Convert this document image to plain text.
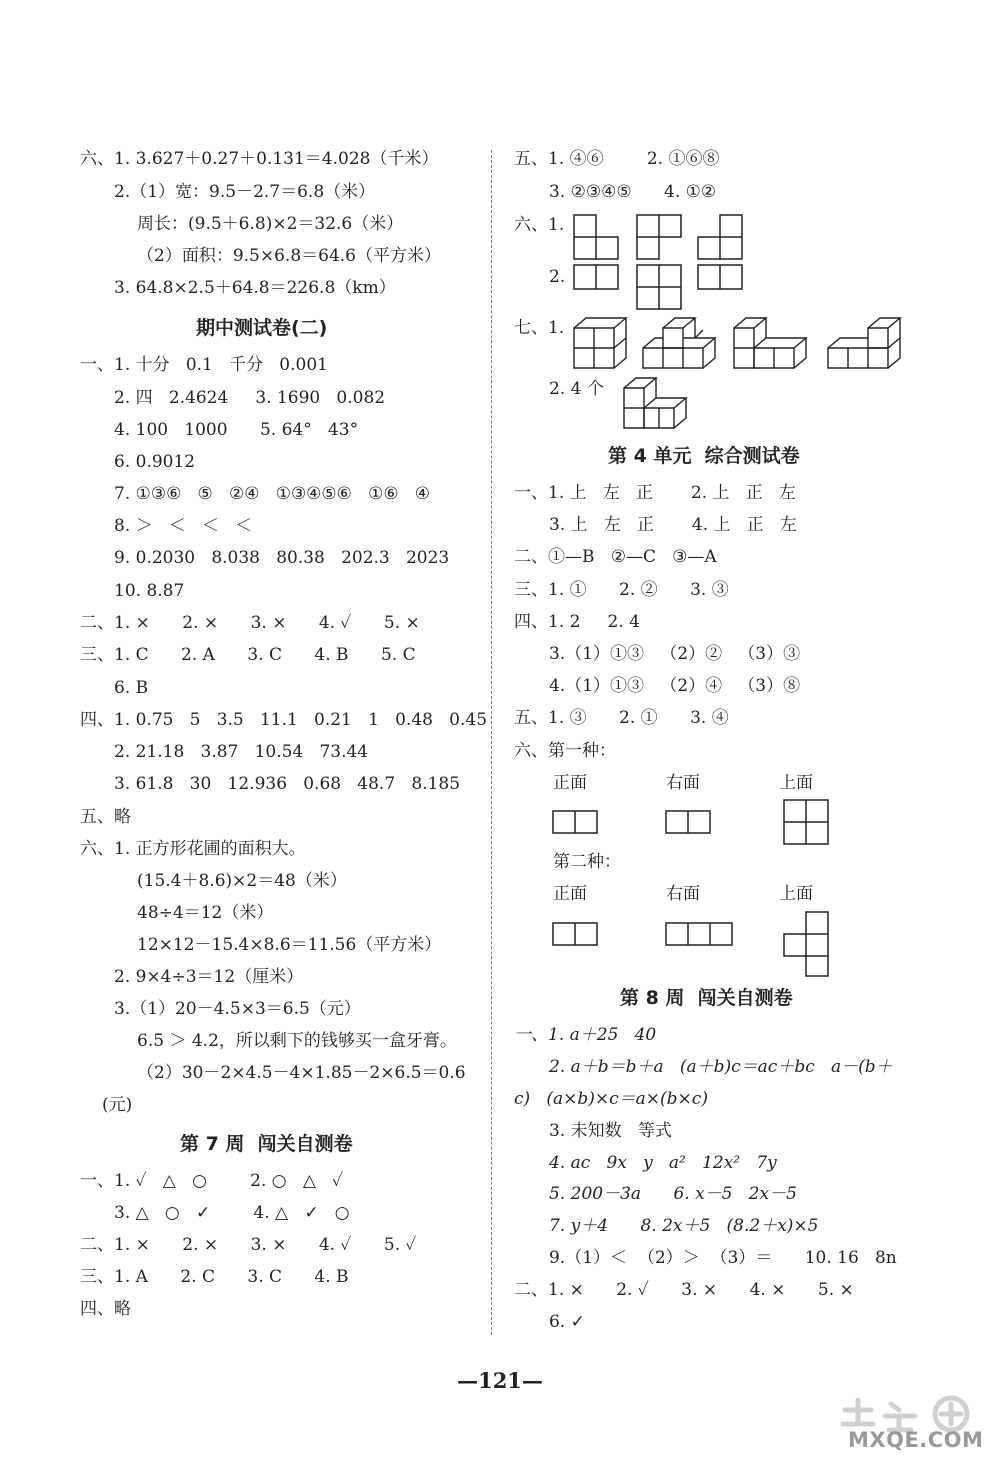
六、1. 3.627＋0.27＋0.131＝4.028（千米）
2.（1）宽：9.5－2.7＝6.8（米）
周长：(9.5＋6.8)×2＝32.6（米）
（2）面积：9.5×6.8＝64.6（平方米）
3. 64.8×2.5＋64.8＝226.8（km）
期中测试卷(二)
一、1. 十分   0.1   千分   0.001
2. 四   2.4624     3. 1690   0.082
4. 100   1000      5. 64°   43°
6. 0.9012
7. ①③⑥   ⑤   ②④   ①③④⑤⑥   ①⑥   ④
8. ＞   ＜   ＜   ＜
9. 0.2030   8.038   80.38   202.3   2023
10. 8.87
二、1. ×      2. ×      3. ×      4. ✓      5. ×
三、1. C      2. A      3. C      4. B      5. C
6. B
四、1. 0.75   5   3.5   11.1   0.21   1   0.48   0.45
2. 21.18   3.87   10.54   73.44
3. 61.8   30   12.936   0.68   48.7   8.185
五、略
六、1. 正方形花圃的面积大。
(15.4＋8.6)×2＝48（米）
48÷4＝12（米）
12×12－15.4×8.6＝11.56（平方米）
2. 9×4÷3＝12（厘米）
3.（1）20－4.5×3＝6.5（元）
6.5 ＞ 4.2，所以剩下的钱够买一盒牙膏。
（2）30－2×4.5－4×1.85－2×6.5＝0.6
(元)
第 7 周  闯关自测卷
一、1. ✓   △   ○        2. ○   △   ✓
3. △   ○   ✓        4. △   ✓   ○
二、1. ×      2. ×      3. ×      4. ✓      5. ✓
三、1. A      2. C      3. C      4. B
四、略
五、1. ④⑥        2. ①⑥⑧
3. ②③④⑤      4. ①②
六、1.
2.
七、1.
2. 4 个
第 4 单元  综合测试卷
一、1. 上   左   正       2. 上   正   左
3. 上   左   正       4. 上   正   左
二、①—B   ②—C   ③—A
三、1. ①      2. ②      3. ③
四、1. 2     2. 4
3.（1）①③   （2）②   （3）③
4.（1）①③   （2）④   （3）⑧
五、1. ③      2. ①      3. ④
六、第一种：
正面	右面	上面
第二种：
正面	右面	上面
第 8 周  闯关自测卷
一、1. a＋25   40
2. a＋b＝b＋a   (a＋b)c＝ac＋bc   a－(b＋
c)   (a×b)×c＝a×(b×c)
3. 未知数   等式
4. ac   9x   y   a²   12x²   7y
5. 200－3a      6. x－5   2x－5
7. y＋4      8. 2x＋5   (8.2＋x)×5
9.（1）＜  （2）＞  （3）＝      10. 16   8n
二、1. ×      2. ✓      3. ×      4. ×      5. ×
6. ✓
—121—
MXQE.COM
